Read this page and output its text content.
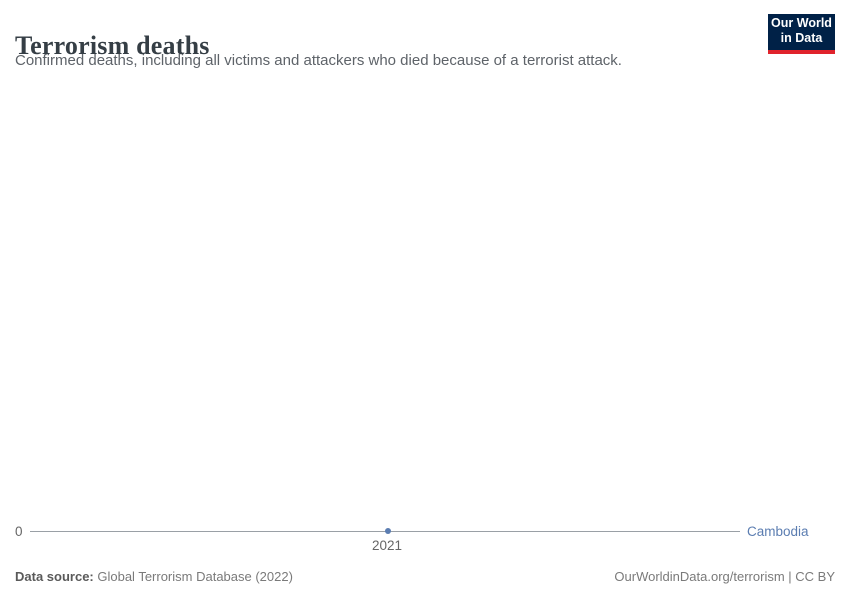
Terrorism deaths
Confirmed deaths, including all victims and attackers who died because of a terrorist attack.
Our World
in Data
0
2021
Cambodia
Data source: Global Terrorism Database (2022)	OurWorldinData.org/terrorism | CC BY
